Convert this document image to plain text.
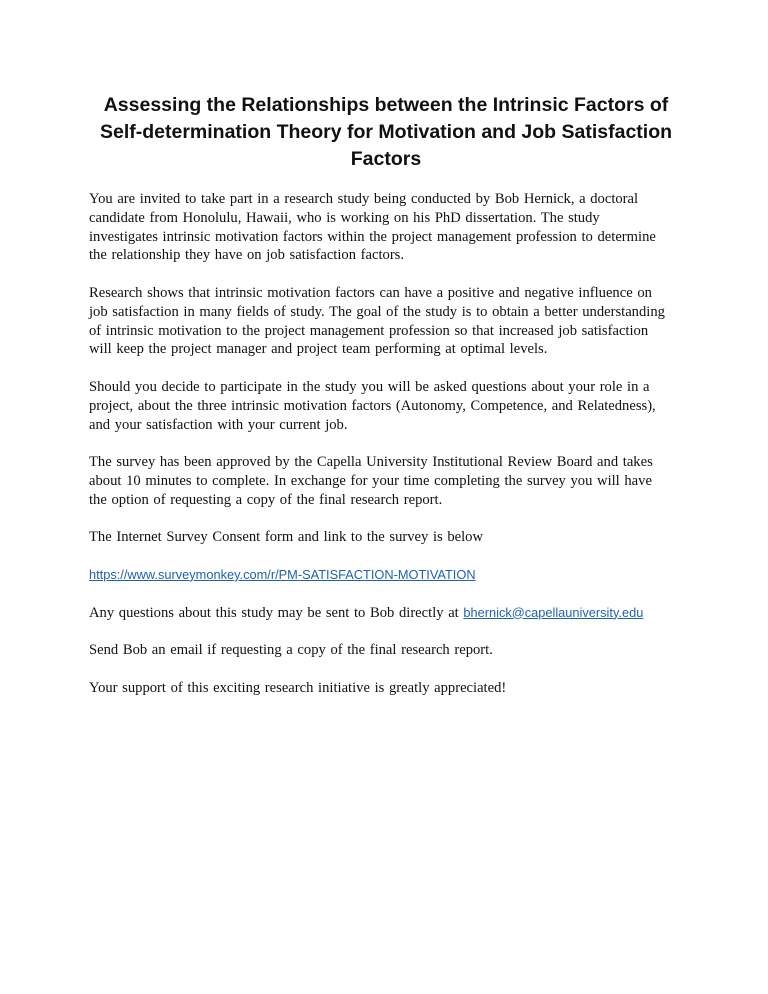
Assessing the Relationships between the Intrinsic Factors of
Self-determination Theory for Motivation and Job Satisfaction
Factors
You are invited to take part in a research study being conducted by Bob Hernick, a doctoral
candidate from Honolulu, Hawaii, who is working on his PhD dissertation. The study
investigates intrinsic motivation factors within the project management profession to determine
the relationship they have on job satisfaction factors.
Research shows that intrinsic motivation factors can have a positive and negative influence on
job satisfaction in many fields of study. The goal of the study is to obtain a better understanding
of intrinsic motivation to the project management profession so that increased job satisfaction
will keep the project manager and project team performing at optimal levels.
Should you decide to participate in the study you will be asked questions about your role in a
project, about the three intrinsic motivation factors (Autonomy, Competence, and Relatedness),
and your satisfaction with your current job.
The survey has been approved by the Capella University Institutional Review Board and takes
about 10 minutes to complete. In exchange for your time completing the survey you will have
the option of requesting a copy of the final research report.
The Internet Survey Consent form and link to the survey is below
https://www.surveymonkey.com/r/PM-SATISFACTION-MOTIVATION
Any questions about this study may be sent to Bob directly at bhernick@capellauniversity.edu
Send Bob an email if requesting a copy of the final research report.
Your support of this exciting research initiative is greatly appreciated!
